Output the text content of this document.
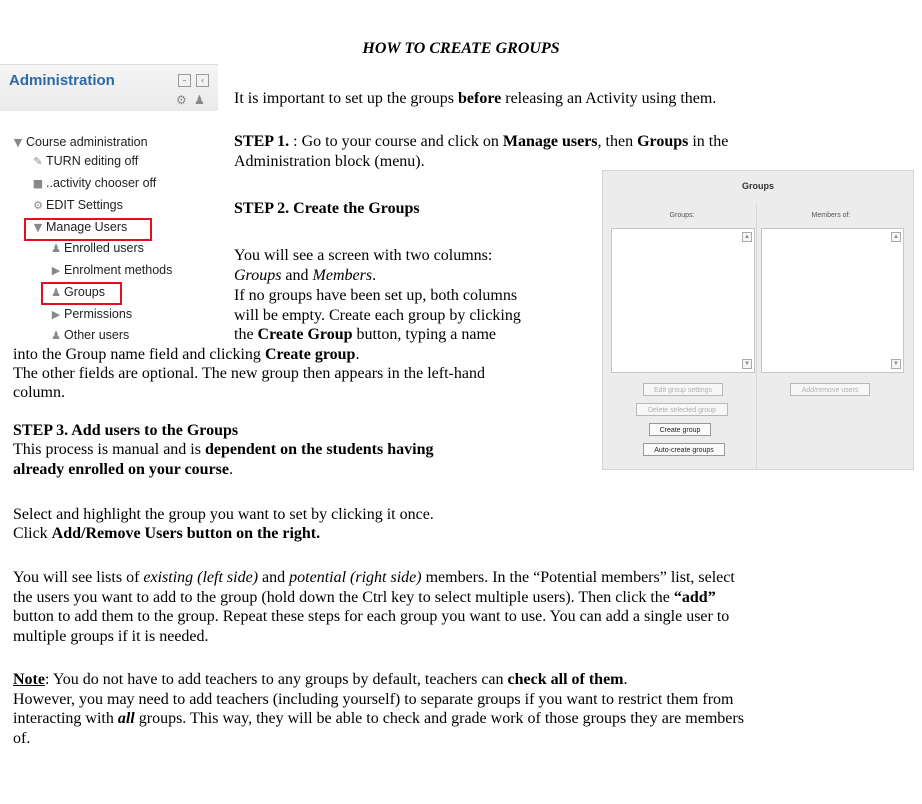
HOW TO CREATE GROUPS
Administration	–	‹
⚙ ♟
▼ Course administration
✎ TURN editing off
■ ..activity chooser off
⚙ EDIT Settings
▼ Manage Users
♟ Enrolled users
▶ Enrolment methods
♟ Groups
▶ Permissions
♟ Other users
It is important to set up the groups before releasing an Activity using them.
STEP 1. : Go to your course and click on Manage users, then Groups in the
Administration block (menu).
STEP 2. Create the Groups
You will see a screen with two columns:
Groups and Members.
If no groups have been set up, both columns
will be empty. Create each group by clicking
the Create Group button, typing a name
into the Group name field and clicking Create group.
The other fields are optional. The new group then appears in the left-hand
column.
Groups
Groups:	Members of:
▲
▼
▲
▼
Edit group settings
Delete selected group
Create group
Auto-create groups
Add/remove users
STEP 3. Add users to the Groups
This process is manual and is dependent on the students having
already enrolled on your course.
Select and highlight the group you want to set by clicking it once.
Click Add/Remove Users button on the right.
You will see lists of existing (left side) and potential (right side) members. In the “Potential members” list, select
the users you want to add to the group (hold down the Ctrl key to select multiple users). Then click the “add”
button to add them to the group. Repeat these steps for each group you want to use. You can add a single user to
multiple groups if it is needed.
Note: You do not have to add teachers to any groups by default, teachers can check all of them.
However, you may need to add teachers (including yourself) to separate groups if you want to restrict them from
interacting with all groups. This way, they will be able to check and grade work of those groups they are members
of.
